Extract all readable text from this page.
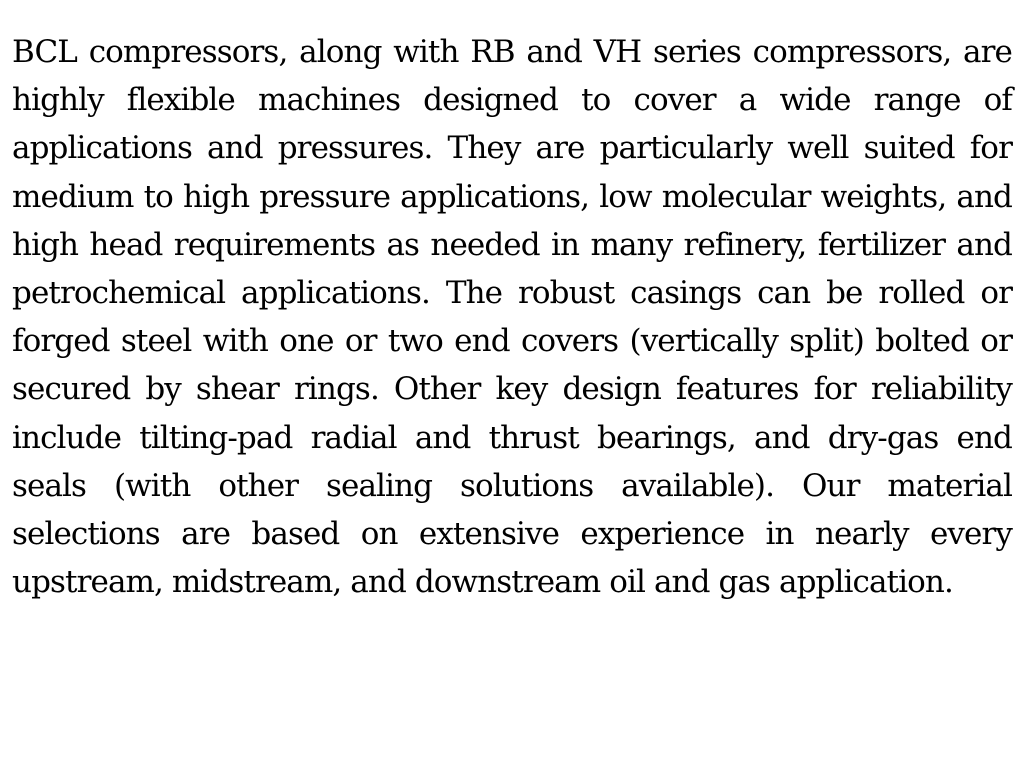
BCL compressors, along with RB and VH series compressors, are highly flexible machines designed to cover a wide range of applications and pressures. They are particularly well suited for medium to high pressure applications, low molecular weights, and high head requirements as needed in many refinery, fertilizer and petrochemical applications. The robust casings can be rolled or forged steel with one or two end covers (vertically split) bolted or secured by shear rings. Other key design features for reliability include tilting-pad radial and thrust bearings, and dry-gas end seals (with other sealing solutions available). Our material selections are based on extensive experience in nearly every upstream, midstream, and downstream oil and gas application.
